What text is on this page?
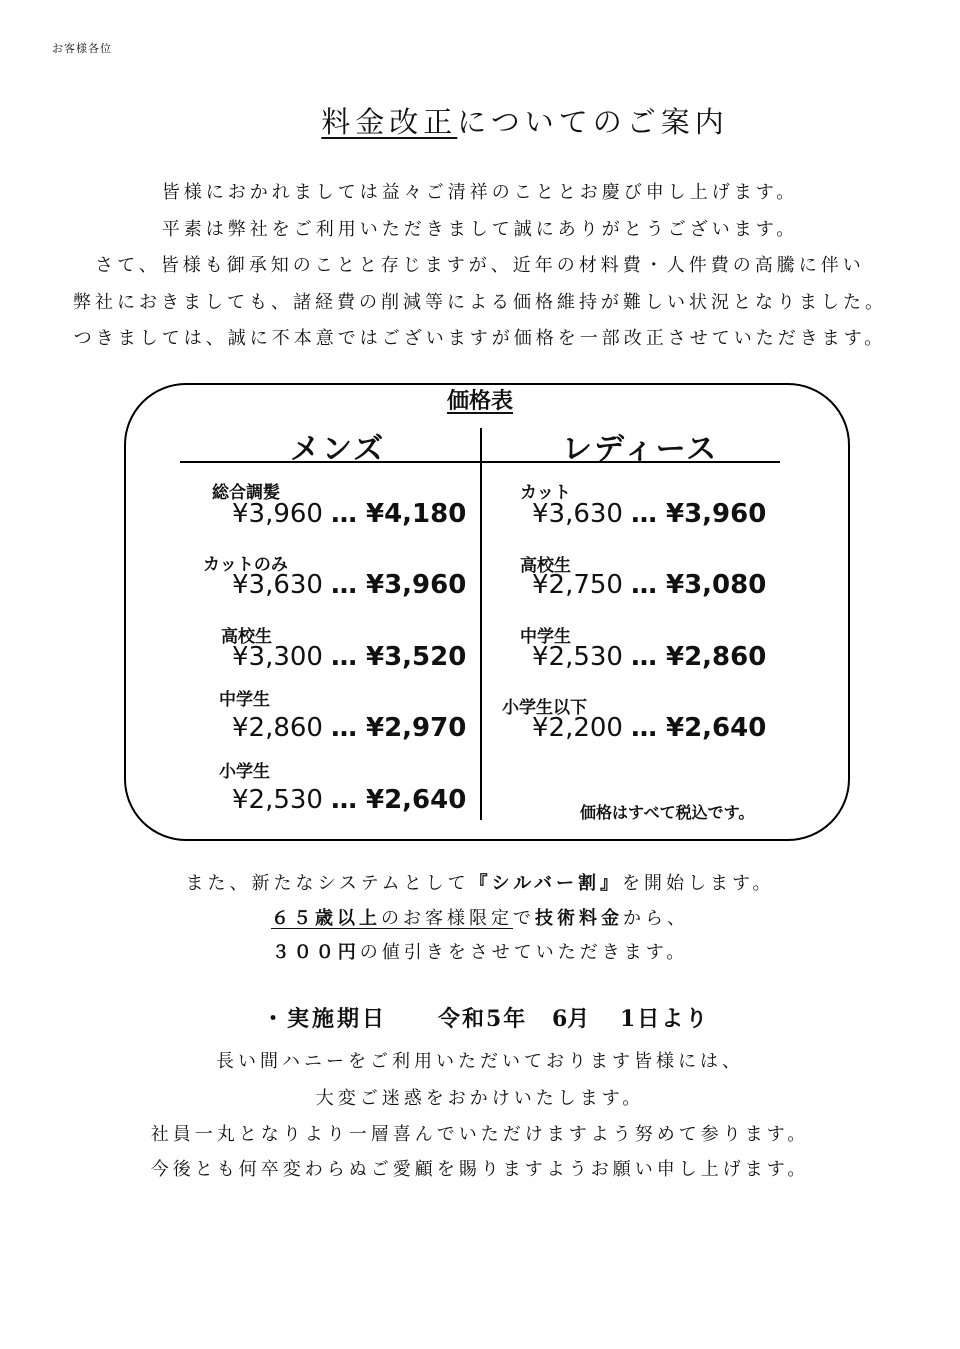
お客様各位
料金改正についてのご案内
皆様におかれましては益々ご清祥のこととお慶び申し上げます。
平素は弊社をご利用いただきまして誠にありがとうございます。
さて、皆様も御承知のことと存じますが、近年の材料費・人件費の高騰に伴い
弊社におきましても、諸経費の削減等による価格維持が難しい状況となりました。
つきましては、誠に不本意ではございますが価格を一部改正させていただきます。
価格表
メンズ	レディース
総合調髪
¥3,960 … ¥4,180
カットのみ
¥3,630 … ¥3,960
高校生
¥3,300 … ¥3,520
中学生
¥2,860 … ¥2,970
小学生
¥2,530 … ¥2,640
カット
¥3,630 … ¥3,960
高校生
¥2,750 … ¥3,080
中学生
¥2,530 … ¥2,860
小学生以下
¥2,200 … ¥2,640
価格はすべて税込です。
また、新たなシステムとして『シルバー割』を開始します。
６５歳以上のお客様限定で技術料金から、
３００円の値引きをさせていただきます。
・実施期日 令和5年 6月 1日より
長い間ハニーをご利用いただいております皆様には、
大変ご迷惑をおかけいたします。
社員一丸となりより一層喜んでいただけますよう努めて参ります。
今後とも何卒変わらぬご愛顧を賜りますようお願い申し上げます。
